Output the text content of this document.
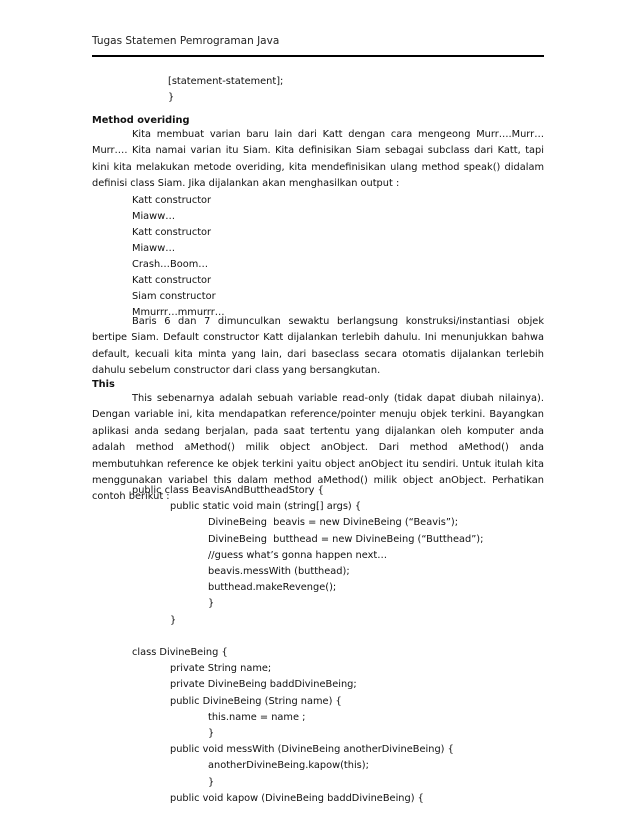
Tugas Statemen Pemrograman Java
[statement-statement];
}
Method overiding
Kita membuat varian baru lain dari Katt dengan cara mengeong Murr….Murr…Murr…. Kita namai varian itu Siam. Kita definisikan Siam sebagai subclass dari Katt, tapi kini kita melakukan metode overiding, kita mendefinisikan ulang method speak() didalam definisi class Siam. Jika dijalankan akan menghasilkan output :
Katt constructor
Miaww…
Katt constructor
Miaww…
Crash…Boom…
Katt constructor
Siam constructor
Mmurrr…mmurrr…
Baris 6 dan 7 dimunculkan sewaktu berlangsung konstruksi/instantiasi objek bertipe Siam. Default constructor Katt dijalankan terlebih dahulu. Ini menunjukkan bahwa default, kecuali kita minta yang lain, dari baseclass secara otomatis dijalankan terlebih dahulu sebelum constructor dari class yang bersangkutan.
This
This sebenarnya adalah sebuah variable read-only (tidak dapat diubah nilainya). Dengan variable ini, kita mendapatkan reference/pointer menuju objek terkini. Bayangkan aplikasi anda sedang berjalan, pada saat tertentu yang dijalankan oleh komputer anda adalah method aMethod() milik object anObject. Dari method aMethod() anda membutuhkan reference ke objek terkini yaitu object anObject itu sendiri. Untuk itulah kita menggunakan variabel this dalam method aMethod() milik object anObject. Perhatikan contoh berikut :
public class BeavisAndButtheadStory {
public static void main (string[] args) {
DivineBeing  beavis = new DivineBeing (“Beavis”);
DivineBeing  butthead = new DivineBeing (“Butthead”);
//guess what’s gonna happen next…
beavis.messWith (butthead);
butthead.makeRevenge();
}
}
class DivineBeing {
private String name;
private DivineBeing baddDivineBeing;
public DivineBeing (String name) {
this.name = name ;
}
public void messWith (DivineBeing anotherDivineBeing) {
anotherDivineBeing.kapow(this);
}
public void kapow (DivineBeing baddDivineBeing) {
